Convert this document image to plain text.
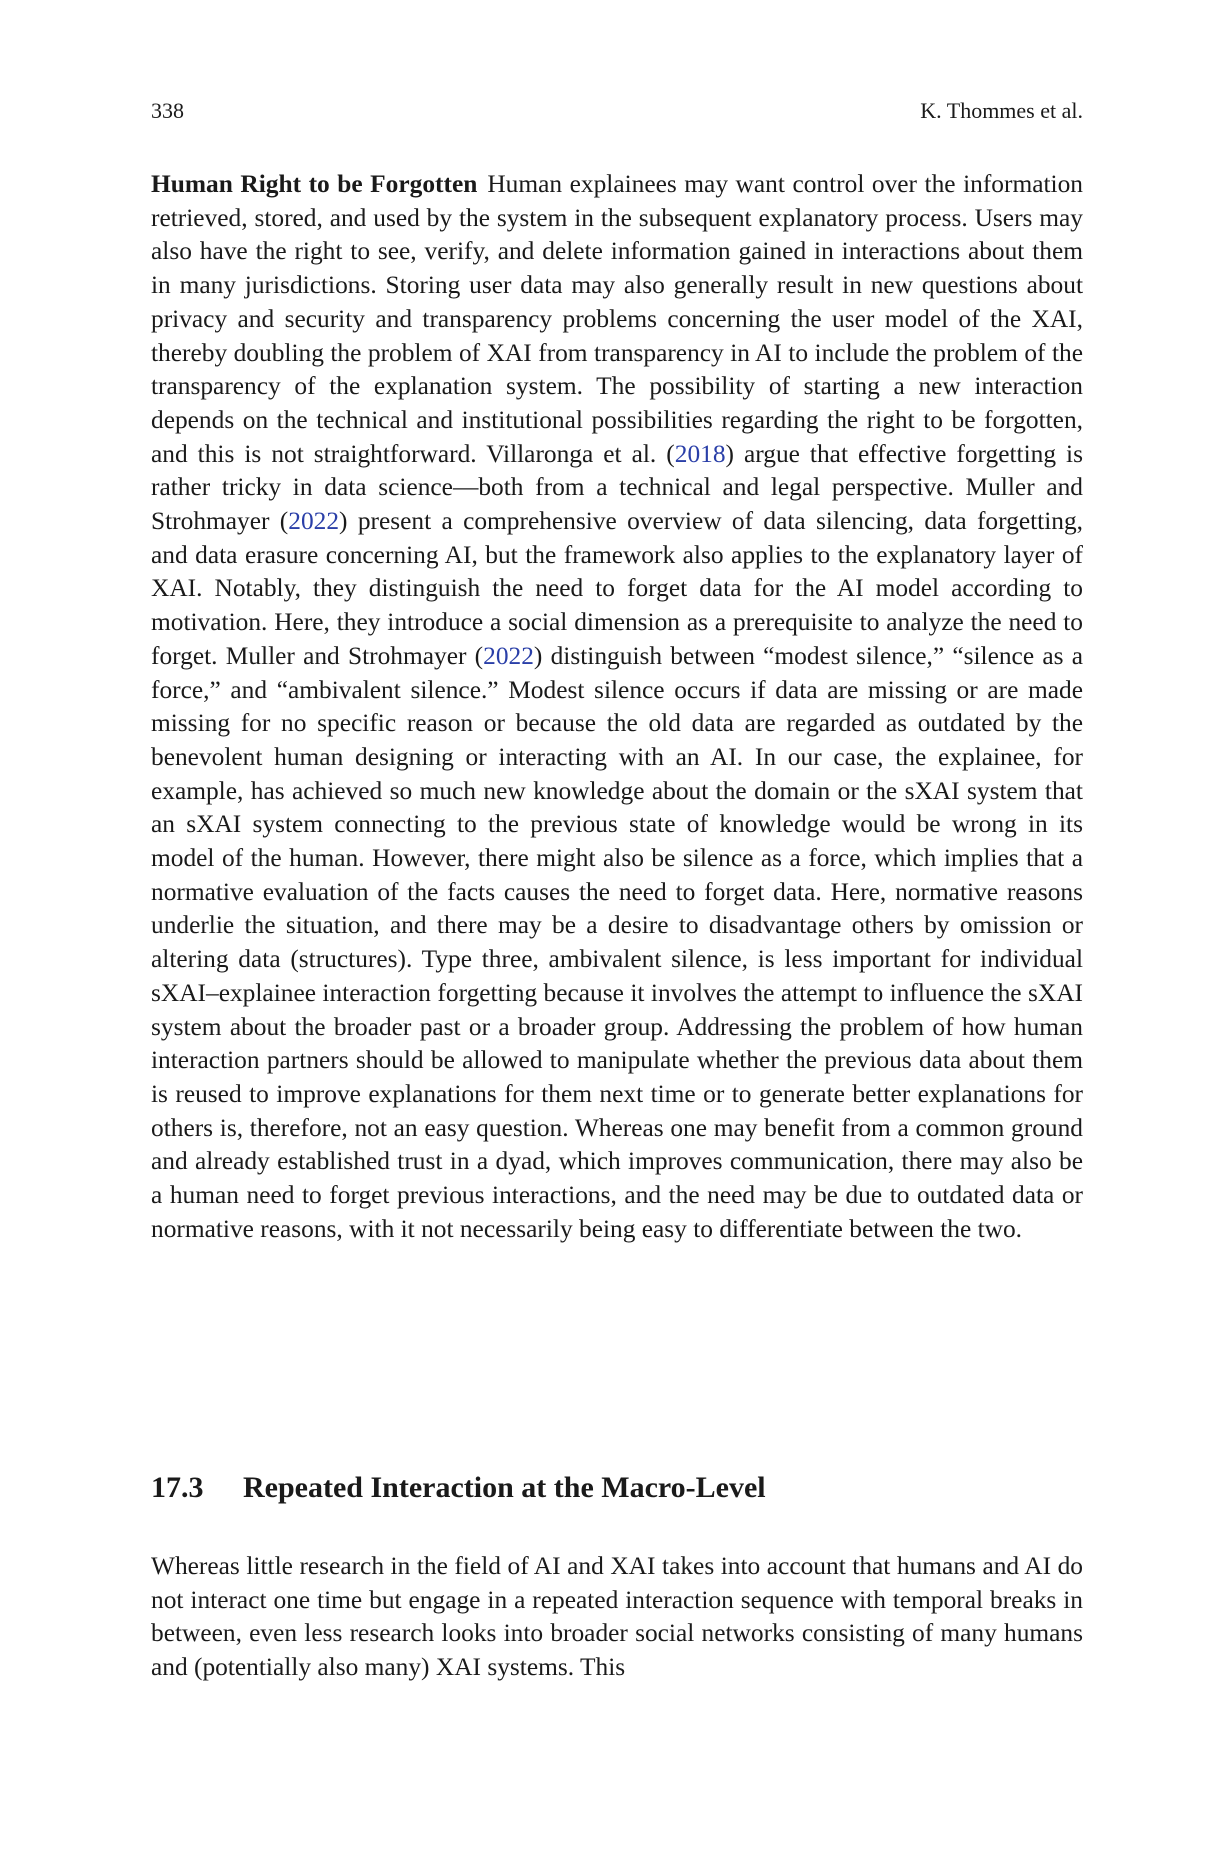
338	K. Thommes et al.

Human Right to be Forgotten Human explainees may want control over the information retrieved, stored, and used by the system in the subsequent explanatory process. Users may also have the right to see, verify, and delete information gained in interactions about them in many jurisdictions. Storing user data may also generally result in new questions about privacy and security and transparency problems concerning the user model of the XAI, thereby doubling the problem of XAI from transparency in AI to include the problem of the transparency of the explanation system. The possibility of starting a new interaction depends on the technical and institutional possibilities regarding the right to be forgotten, and this is not straightforward. Villaronga et al. (2018) argue that effective forgetting is rather tricky in data science—both from a technical and legal perspective. Muller and Strohmayer (2022) present a comprehensive overview of data silencing, data forgetting, and data erasure concerning AI, but the framework also applies to the explanatory layer of XAI. Notably, they distinguish the need to forget data for the AI model according to motivation. Here, they introduce a social dimension as a prerequisite to analyze the need to forget. Muller and Strohmayer (2022) distinguish between “modest silence,” “silence as a force,” and “ambivalent silence.” Modest silence occurs if data are missing or are made missing for no specific reason or because the old data are regarded as outdated by the benevolent human designing or interacting with an AI. In our case, the explainee, for example, has achieved so much new knowledge about the domain or the sXAI system that an sXAI system connecting to the previous state of knowledge would be wrong in its model of the human. However, there might also be silence as a force, which implies that a normative evaluation of the facts causes the need to forget data. Here, normative reasons underlie the situation, and there may be a desire to disadvantage others by omission or altering data (structures). Type three, ambivalent silence, is less important for individual sXAI–explainee interaction forgetting because it involves the attempt to influence the sXAI system about the broader past or a broader group. Addressing the problem of how human interaction partners should be allowed to manipulate whether the previous data about them is reused to improve explanations for them next time or to generate better explanations for others is, therefore, not an easy question. Whereas one may benefit from a common ground and already established trust in a dyad, which improves communication, there may also be a human need to forget previous interactions, and the need may be due to outdated data or normative reasons, with it not necessarily being easy to differentiate between the two.

17.3 Repeated Interaction at the Macro-Level

Whereas little research in the field of AI and XAI takes into account that humans and AI do not interact one time but engage in a repeated interaction sequence with temporal breaks in between, even less research looks into broader social networks consisting of many humans and (potentially also many) XAI systems. This
